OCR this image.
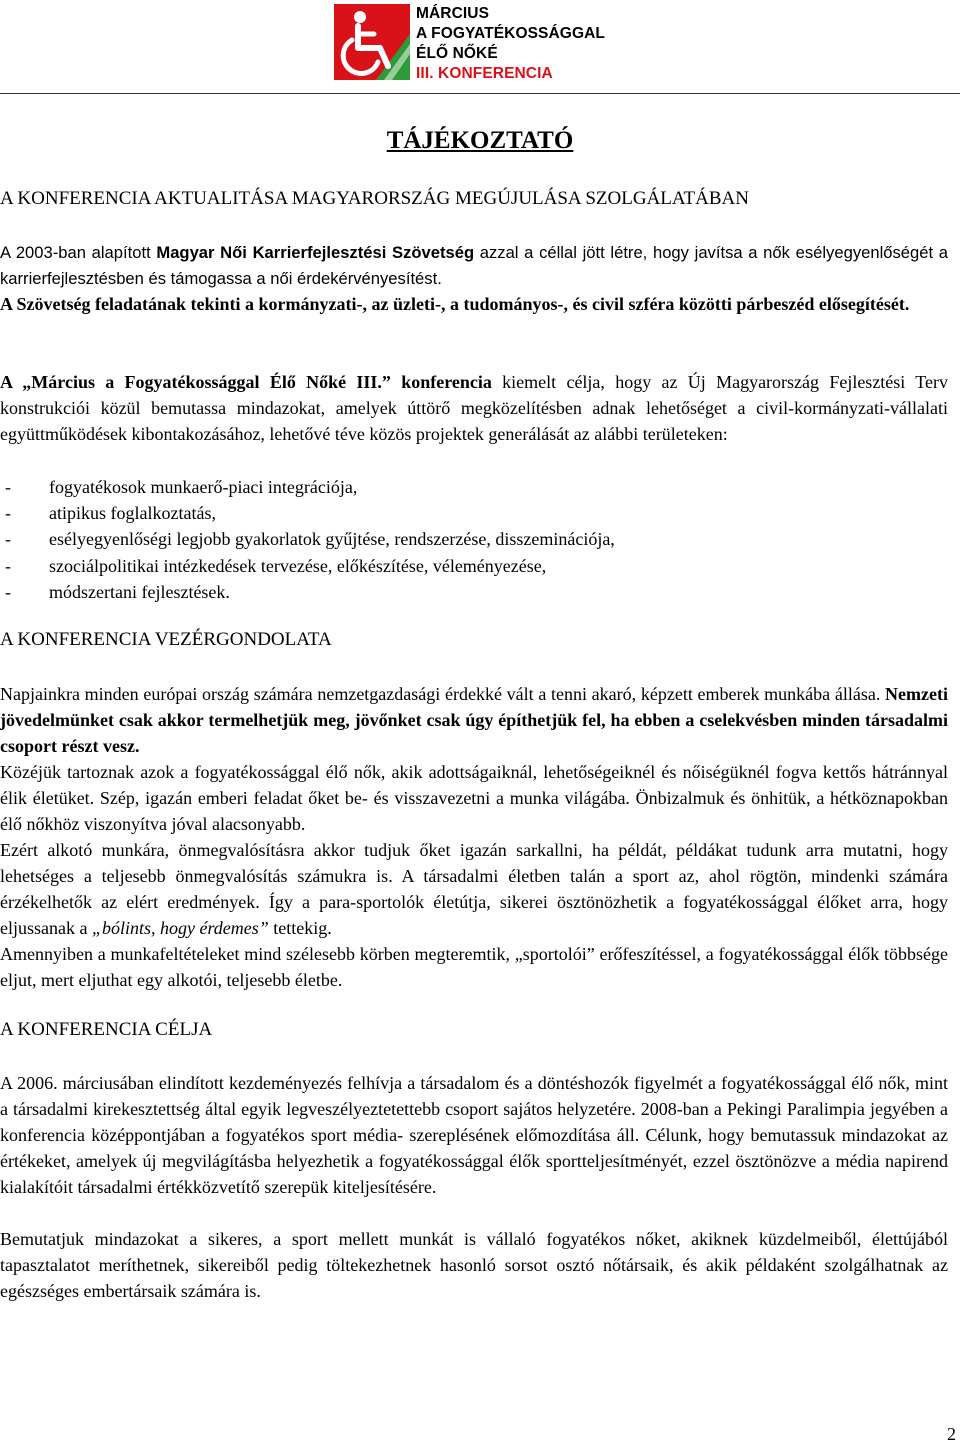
MÁRCIUS
A FOGYATÉKOSSÁGGAL
ÉLŐ NŐKÉ
III. KONFERENCIA
TÁJÉKOZTATÓ
A KONFERENCIA AKTUALITÁSA MAGYARORSZÁG MEGÚJULÁSA SZOLGÁLATÁBAN

A 2003-ban alapított Magyar Női Karrierfejlesztési Szövetség azzal a céllal jött létre, hogy javítsa a nők esélyegyenlőségét a karrierfejlesztésben és támogassa a női érdekérvényesítést.

A Szövetség feladatának tekinti a kormányzati-, az üzleti-, a tudományos-, és civil szféra közötti párbeszéd elősegítését.

A „Március a Fogyatékossággal Élő Nőké III.” konferencia kiemelt célja, hogy az Új Magyarország Fejlesztési Terv konstrukciói közül bemutassa mindazokat, amelyek úttörő megközelítésben adnak lehetőséget a civil-kormányzati-vállalati együttműködések kibontakozásához, lehetővé téve közös projektek generálását az alábbi területeken:

- fogyatékosok munkaerő-piaci integrációja,
- atipikus foglalkoztatás,
- esélyegyenlőségi legjobb gyakorlatok gyűjtése, rendszerzése, disszeminációja,
- szociálpolitikai intézkedések tervezése, előkészítése, véleményezése,
- módszertani fejlesztések.
A KONFERENCIA VEZÉRGONDOLATA

Napjainkra minden európai ország számára nemzetgazdasági érdekké vált a tenni akaró, képzett emberek munkába állása. Nemzeti jövedelmünket csak akkor termelhetjük meg, jövőnket csak úgy építhetjük fel, ha ebben a cselekvésben minden társadalmi csoport részt vesz.

Közéjük tartoznak azok a fogyatékossággal élő nők, akik adottságaiknál, lehetőségeiknél és nőiségüknél fogva kettős hátránnyal élik életüket. Szép, igazán emberi feladat őket be- és visszavezetni a munka világába. Önbizalmuk és önhitük, a hétköznapokban élő nőkhöz viszonyítva jóval alacsonyabb.

Ezért alkotó munkára, önmegvalósításra akkor tudjuk őket igazán sarkallni, ha példát, példákat tudunk arra mutatni, hogy lehetséges a teljesebb önmegvalósítás számukra is. A társadalmi életben talán a sport az, ahol rögtön, mindenki számára érzékelhetők az elért eredmények. Így a para-sportolók életútja, sikerei ösztönözhetik a fogyatékossággal élőket arra, hogy eljussanak a „bólints, hogy érdemes” tettekig.

Amennyiben a munkafeltételeket mind szélesebb körben megteremtik, „sportolói” erőfeszítéssel, a fogyatékossággal élők többsége eljut, mert eljuthat egy alkotói, teljesebb életbe.

A KONFERENCIA CÉLJA

A 2006. márciusában elindított kezdeményezés felhívja a társadalom és a döntéshozók figyelmét a fogyatékossággal élő nők, mint a társadalmi kirekesztettség által egyik legveszélyeztetettebb csoport sajátos helyzetére. 2008-ban a Pekingi Paralimpia jegyében a konferencia középpontjában a fogyatékos sport média- szereplésének előmozdítása áll. Célunk, hogy bemutassuk mindazokat az értékeket, amelyek új megvilágításba helyezhetik a fogyatékossággal élők sportteljesítményét, ezzel ösztönözve a média napirend kialakítóit társadalmi értékközvetítő szerepük kiteljesítésére.

Bemutatjuk mindazokat a sikeres, a sport mellett munkát is vállaló fogyatékos nőket, akiknek küzdelmeiből, élettújából tapasztalatot meríthetnek, sikereiből pedig töltekezhetnek hasonló sorsot osztó nőtársaik, és akik példaként szolgálhatnak az egészséges embertársaik számára is.

2
